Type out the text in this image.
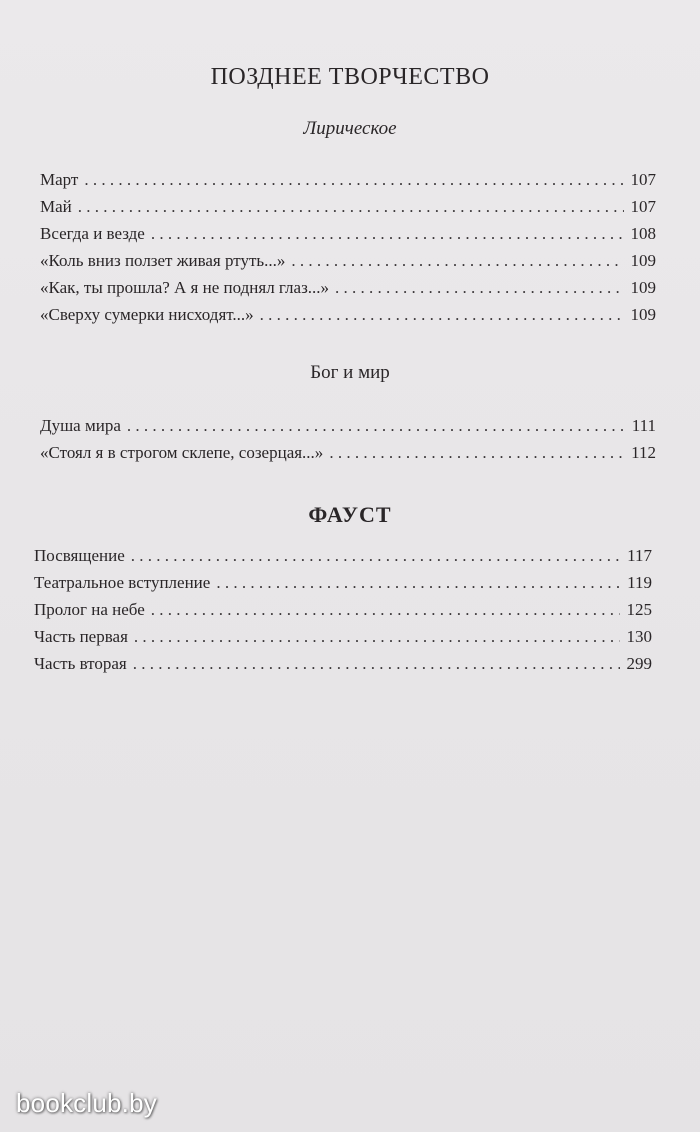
ПОЗДНЕЕ ТВОРЧЕСТВО
Лирическое
Март . . .	107
Май . . .	107
Всегда и везде . . .	108
«Коль вниз ползет живая ртуть...» . . .	109
«Как, ты прошла? А я не поднял глаз...» . . .	109
«Сверху сумерки нисходят...» . . .	109
Бог и мир
Душа мира . . .	111
«Стоял я в строгом склепе, созерцая...» . . .	112
ФАУСТ
Посвящение . . .	117
Театральное вступление . . .	119
Пролог на небе . . .	125
Часть первая . . .	130
Часть вторая . . .	299
bookclub.by
